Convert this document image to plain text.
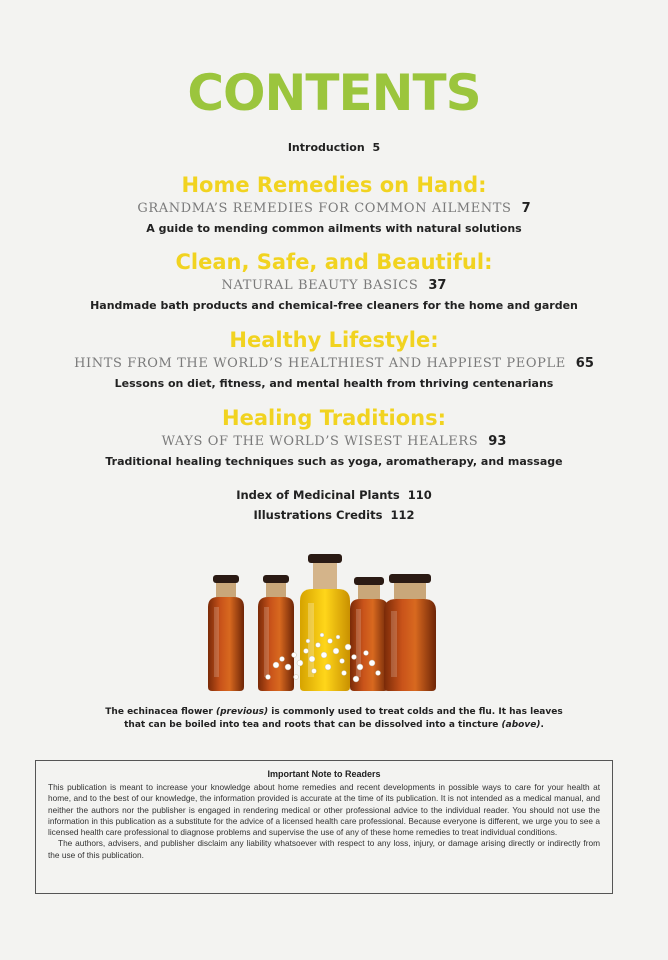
CONTENTS
Introduction 5
Home Remedies on Hand:
GRANDMA’S REMEDIES FOR COMMON AILMENTS 7
A guide to mending common ailments with natural solutions
Clean, Safe, and Beautiful:
NATURAL BEAUTY BASICS 37
Handmade bath products and chemical-free cleaners for the home and garden
Healthy Lifestyle:
HINTS FROM THE WORLD’S HEALTHIEST AND HAPPIEST PEOPLE 65
Lessons on diet, fitness, and mental health from thriving centenarians
Healing Traditions:
WAYS OF THE WORLD’S WISEST HEALERS 93
Traditional healing techniques such as yoga, aromatherapy, and massage
Index of Medicinal Plants 110
Illustrations Credits 112
The echinacea flower (previous) is commonly used to treat colds and the flu. It has leaves
that can be boiled into tea and roots that can be dissolved into a tincture (above).
Important Note to Readers

This publication is meant to increase your knowledge about home remedies and recent developments in possible ways to care for your health at home, and to the best of our knowledge, the information provided is accurate at the time of its publication. It is not intended as a medical manual, and neither the authors nor the publisher is engaged in rendering medical or other professional advice to the individual reader. You should not use the information in this publication as a substitute for the advice of a licensed health care professional. Because everyone is different, we urge you to see a licensed health care professional to diagnose problems and supervise the use of any of these home remedies to treat individual conditions.

The authors, advisers, and publisher disclaim any liability whatsoever with respect to any loss, injury, or damage arising directly or indirectly from the use of this publication.
